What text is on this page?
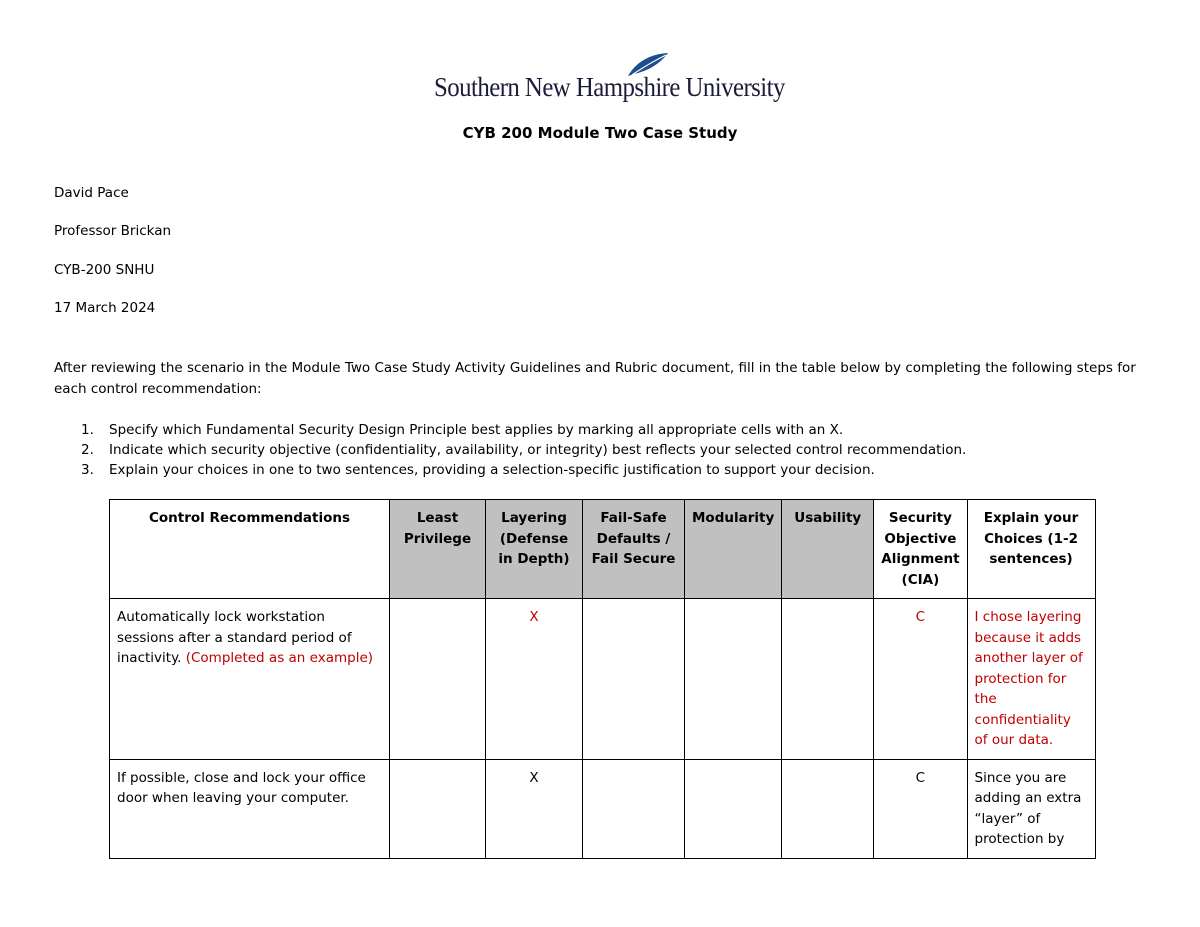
Southern New Hampshire University
CYB 200 Module Two Case Study
David Pace
Professor Brickan
CYB-200 SNHU
17 March 2024
After reviewing the scenario in the Module Two Case Study Activity Guidelines and Rubric document, fill in the table below by completing the following steps for each control recommendation:
1. Specify which Fundamental Security Design Principle best applies by marking all appropriate cells with an X.
2. Indicate which security objective (confidentiality, availability, or integrity) best reflects your selected control recommendation.
3. Explain your choices in one to two sentences, providing a selection-specific justification to support your decision.
Control Recommendations	Least Privilege	Layering (Defense in Depth)	Fail-Safe Defaults / Fail Secure	Modularity	Usability	Security Objective Alignment (CIA)	Explain your Choices (1-2 sentences)
Automatically lock workstation sessions after a standard period of inactivity. (Completed as an example)		X				C	I chose layering because it adds another layer of protection for the confidentiality of our data.
If possible, close and lock your office door when leaving your computer.		X				C	Since you are adding an extra “layer” of protection by
